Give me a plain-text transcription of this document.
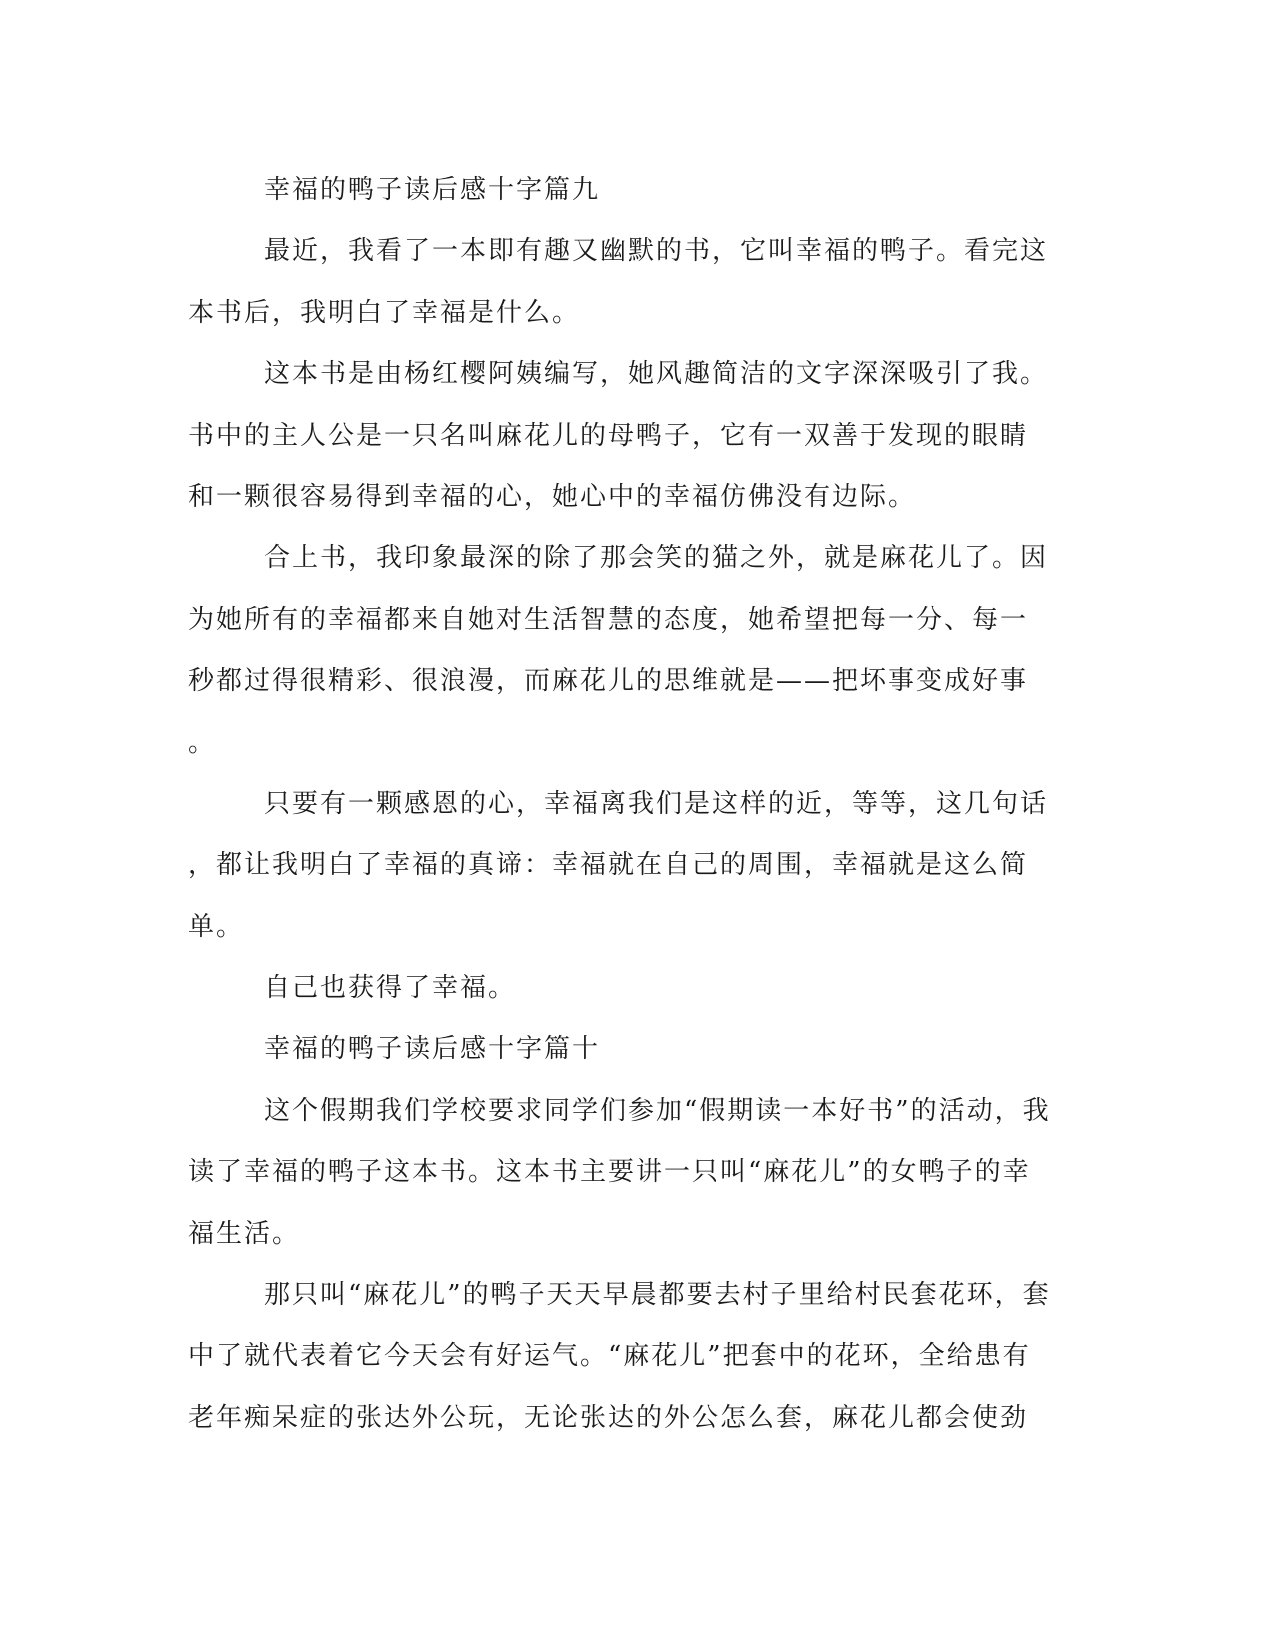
幸福的鸭子读后感十字篇九
最近，我看了一本即有趣又幽默的书，它叫幸福的鸭子。看完这
本书后，我明白了幸福是什么。
这本书是由杨红樱阿姨编写，她风趣简洁的文字深深吸引了我。
书中的主人公是一只名叫麻花儿的母鸭子，它有一双善于发现的眼睛
和一颗很容易得到幸福的心，她心中的幸福仿佛没有边际。
合上书，我印象最深的除了那会笑的猫之外，就是麻花儿了。因
为她所有的幸福都来自她对生活智慧的态度，她希望把每一分、每一
秒都过得很精彩、很浪漫，而麻花儿的思维就是——把坏事变成好事
。
只要有一颗感恩的心，幸福离我们是这样的近，等等，这几句话
，都让我明白了幸福的真谛：幸福就在自己的周围，幸福就是这么简
单。
自己也获得了幸福。
幸福的鸭子读后感十字篇十
这个假期我们学校要求同学们参加“假期读一本好书”的活动，我
读了幸福的鸭子这本书。这本书主要讲一只叫“麻花儿”的女鸭子的幸
福生活。
那只叫“麻花儿”的鸭子天天早晨都要去村子里给村民套花环，套
中了就代表着它今天会有好运气。“麻花儿”把套中的花环，全给患有
老年痴呆症的张达外公玩，无论张达的外公怎么套，麻花儿都会使劲
